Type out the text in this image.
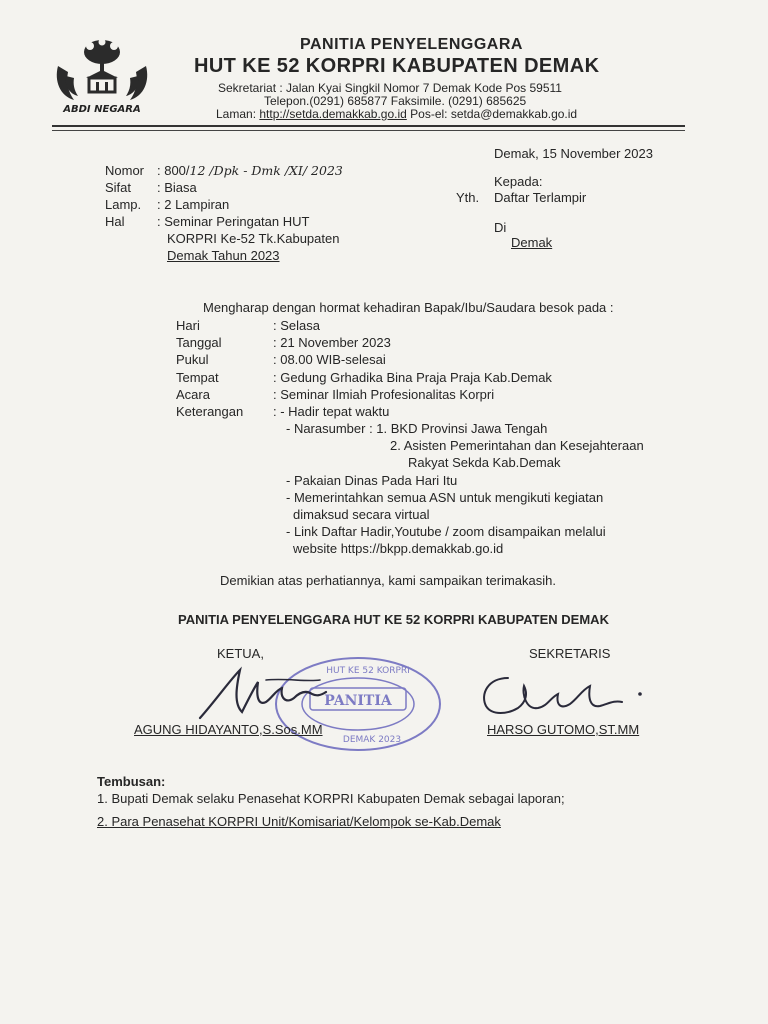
ABDI NEGARA
PANITIA PENYELENGGARA
HUT KE 52 KORPRI KABUPATEN DEMAK
Sekretariat : Jalan Kyai Singkil Nomor 7 Demak Kode Pos 59511
Telepon.(0291) 685877 Faksimile. (0291) 685625
Laman: http://setda.demakkab.go.id Pos-el: setda@demakkab.go.id
Demak, 15 November 2023
Nomor : 800/12 /Dpk - Dmk /XI/ 2023
Sifat : Biasa
Lamp. : 2 Lampiran
Hal : Seminar Peringatan HUT
KORPRI Ke-52 Tk.Kabupaten
Demak Tahun 2023
Kepada:
Yth. Daftar Terlampir
Di
Demak
Mengharap dengan hormat kehadiran Bapak/Ibu/Saudara besok pada :
Hari	: Selasa
Tanggal	: 21 November 2023
Pukul	: 08.00 WIB-selesai
Tempat	: Gedung Grhadika Bina Praja Praja Kab.Demak
Acara	: Seminar Ilmiah Profesionalitas Korpri
Keterangan : - Hadir tepat waktu
- Narasumber : 1. BKD Provinsi Jawa Tengah
2. Asisten Pemerintahan dan Kesejahteraan
Rakyat Sekda Kab.Demak
- Pakaian Dinas Pada Hari Itu
- Memerintahkan semua ASN untuk mengikuti kegiatan
dimaksud secara virtual
- Link Daftar Hadir,Youtube / zoom disampaikan melalui
website https://bkpp.demakkab.go.id
Demikian atas perhatiannya, kami sampaikan terimakasih.
PANITIA PENYELENGGARA HUT KE 52 KORPRI KABUPATEN DEMAK
KETUA,	SEKRETARIS
PANITIA
HUT KE 52 KORPRI
DEMAK 2023
AGUNG HIDAYANTO,S.Sos.MM	HARSO GUTOMO,ST.MM
Tembusan:
1. Bupati Demak selaku Penasehat KORPRI Kabupaten Demak sebagai laporan;
2. Para Penasehat KORPRI Unit/Komisariat/Kelompok se-Kab.Demak
